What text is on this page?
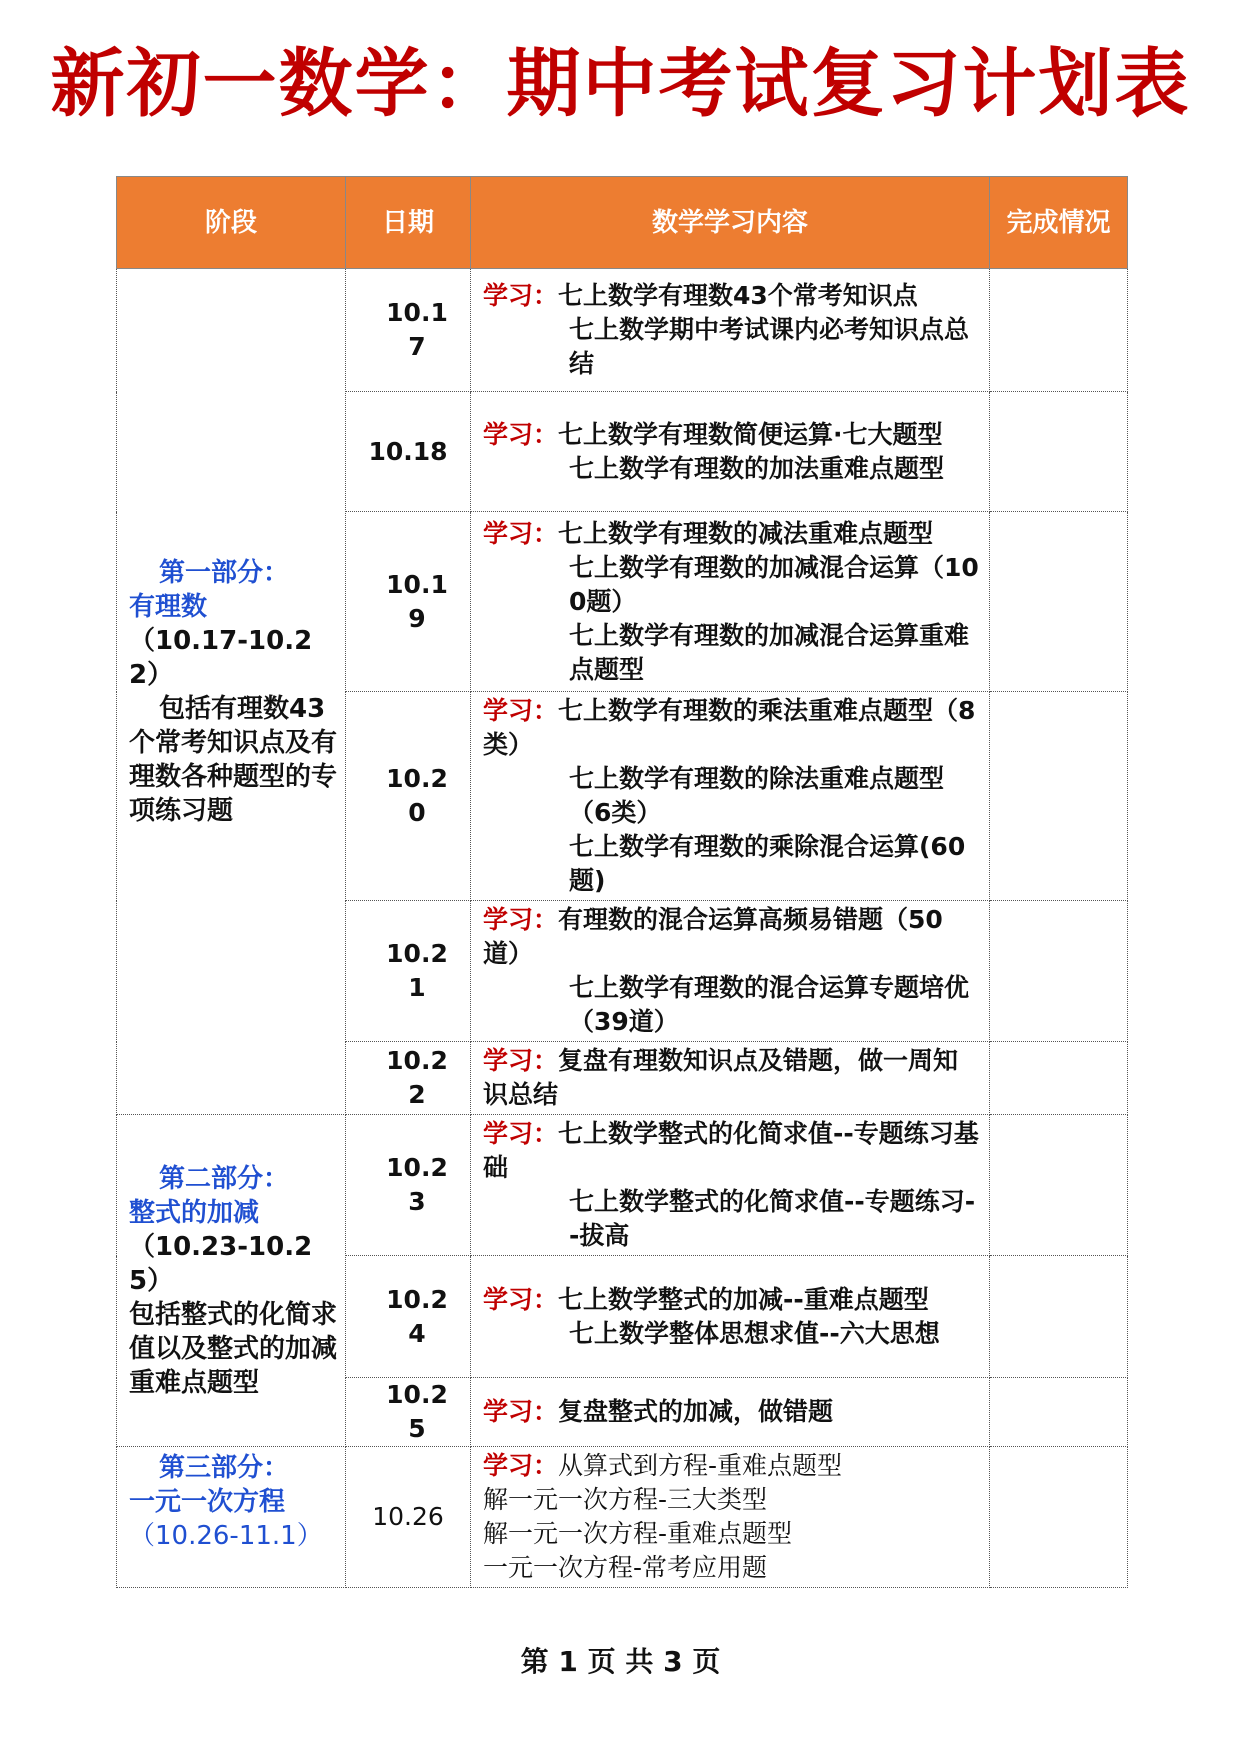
新初一数学：期中考试复习计划表
阶段	日期	数学学习内容	完成情况

第一部分：
有理数
（10.17-10.22）
包括有理数43个常考知识点及有理数各种题型的专项练习题	10.17	学习：七上数学有理数43个常考知识点
七上数学期中考试课内必考知识点总结	

	10.18	学习：七上数学有理数简便运算·七大题型
七上数学有理数的加法重难点题型	

	10.19	学习：七上数学有理数的减法重难点题型
七上数学有理数的加减混合运算（100题）
七上数学有理数的加减混合运算重难点题型	

	10.20	学习：七上数学有理数的乘法重难点题型（8类）
七上数学有理数的除法重难点题型（6类）
七上数学有理数的乘除混合运算(60题)	

	10.21	学习：有理数的混合运算高频易错题（50道）
七上数学有理数的混合运算专题培优（39道）	

	10.22	学习：复盘有理数知识点及错题，做一周知识总结	

第二部分：
整式的加减
（10.23-10.25）
包括整式的化简求值以及整式的加减重难点题型	10.23	学习：七上数学整式的化简求值--专题练习基础
七上数学整式的化简求值--专题练习--拔高	

	10.24	学习：七上数学整式的加减--重难点题型
七上数学整体思想求值--六大思想	

	10.25	学习：复盘整式的加减，做错题	

第三部分：
一元一次方程
（10.26-11.1）	10.26	学习：从算式到方程-重难点题型
解一元一次方程-三大类型
解一元一次方程-重难点题型
一元一次方程-常考应用题	

第 1 页 共 3 页
